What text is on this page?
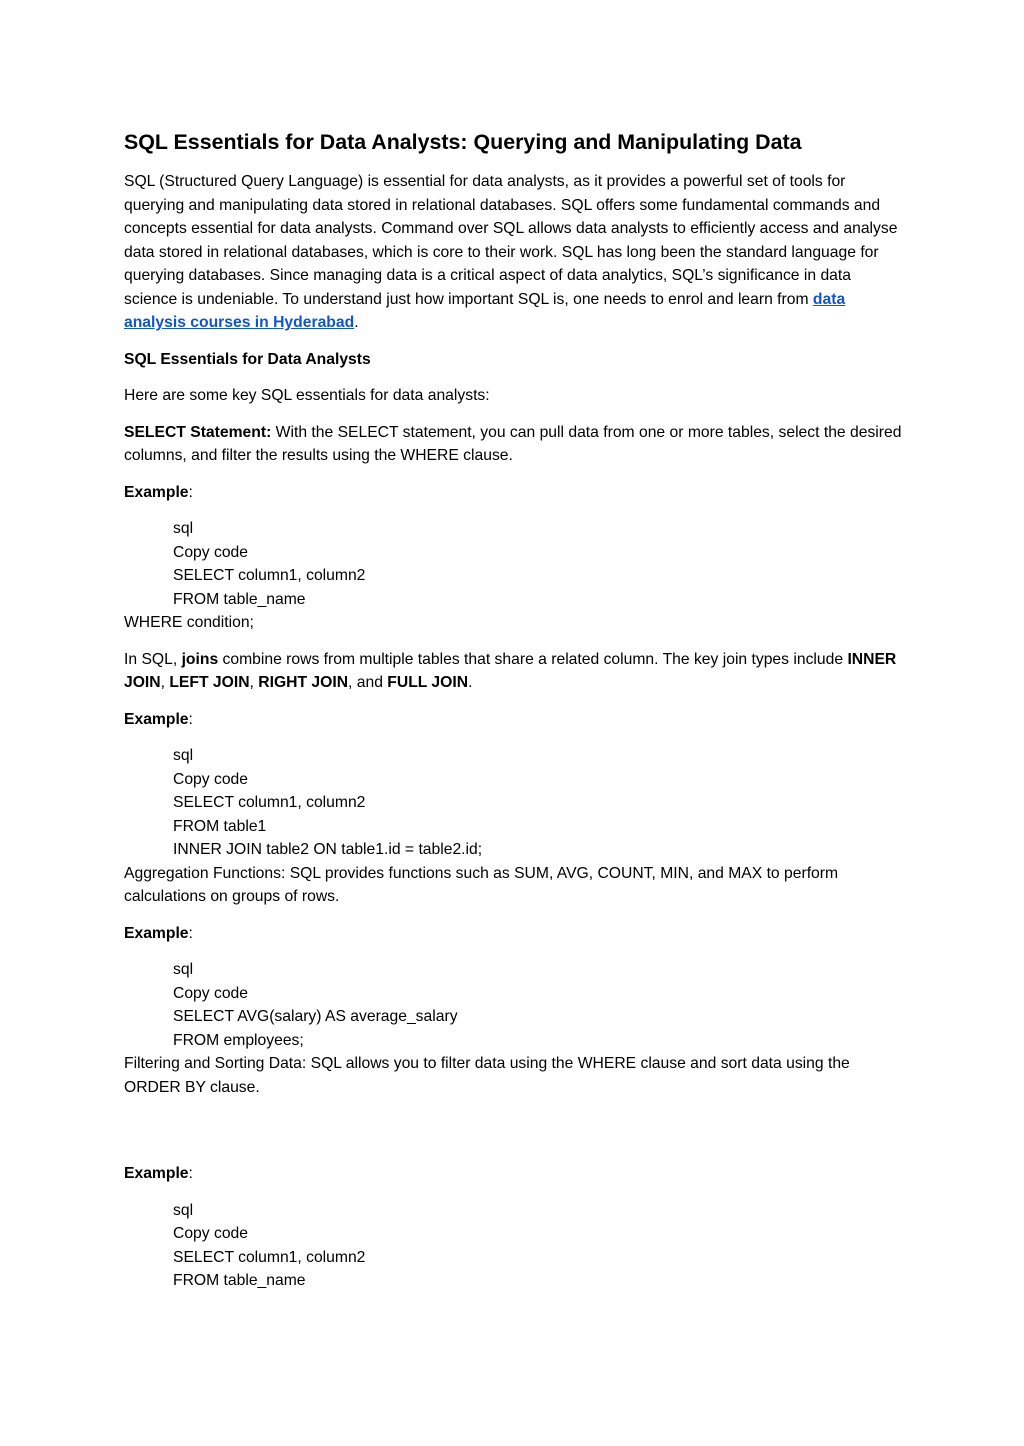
SQL Essentials for Data Analysts: Querying and Manipulating Data

SQL (Structured Query Language) is essential for data analysts, as it provides a powerful set of tools for querying and manipulating data stored in relational databases. SQL offers some fundamental commands and concepts essential for data analysts. Command over SQL allows data analysts to efficiently access and analyse data stored in relational databases, which is core to their work. SQL has long been the standard language for querying databases. Since managing data is a critical aspect of data analytics, SQL’s significance in data science is undeniable. To understand just how important SQL is, one needs to enrol and learn from data analysis courses in Hyderabad.

SQL Essentials for Data Analysts

Here are some key SQL essentials for data analysts:

SELECT Statement: With the SELECT statement, you can pull data from one or more tables, select the desired columns, and filter the results using the WHERE clause.

Example:

sql
Copy code
SELECT column1, column2
FROM table_name
WHERE condition;

In SQL, joins combine rows from multiple tables that share a related column. The key join types include INNER JOIN, LEFT JOIN, RIGHT JOIN, and FULL JOIN.

Example:

sql
Copy code
SELECT column1, column2
FROM table1
INNER JOIN table2 ON table1.id = table2.id;
Aggregation Functions: SQL provides functions such as SUM, AVG, COUNT, MIN, and MAX to perform calculations on groups of rows.

Example:

sql
Copy code
SELECT AVG(salary) AS average_salary
FROM employees;
Filtering and Sorting Data: SQL allows you to filter data using the WHERE clause and sort data using the ORDER BY clause.

Example:

sql
Copy code
SELECT column1, column2
FROM table_name
